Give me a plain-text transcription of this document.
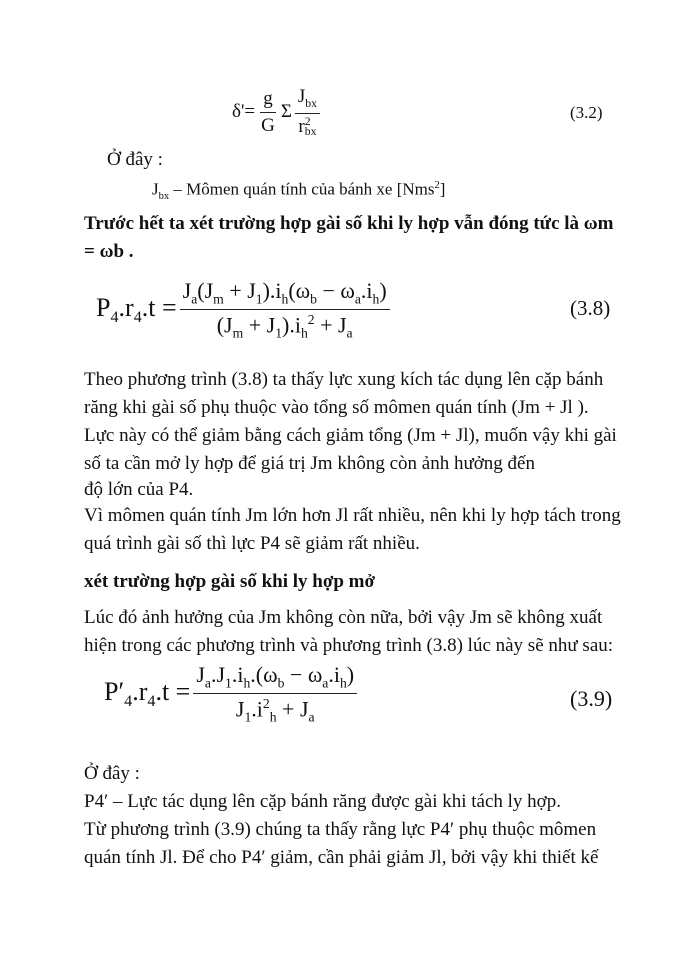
$\delta'= \frac{g}{G}$ Σ $J_{bx}$
r 2
bx	(3.2)
Ở đây :
$J_{bx}$ – Mômen quán tính của bánh xe [Nms$^2$]
Trước hết ta xét trường hợp gài số khi ly hợp vẫn đóng tức là ωm
= ωb .
$P_4.r_4.t = \frac{J_a(J_m + J_1).i_h(\omega_b - \omega_a.i_h)}{(J_m + J_1).i_h^2 + J_a}$	(3.8)
Theo phương trình (3.8) ta thấy lực xung kích tác dụng lên cặp bánh
răng khi gài số phụ thuộc vào tổng số mômen quán tính (Jm + Jl ).
Lực này có thể giảm bằng cách giảm tổng (Jm + Jl), muốn vậy khi gài
số ta cần mở ly hợp để giá trị Jm không còn ảnh hưởng đến
độ lớn của P4.
Vì mômen quán tính Jm lớn hơn Jl rất nhiều, nên khi ly hợp tách trong
quá trình gài số thì lực P4 sẽ giảm rất nhiều.
xét trường hợp gài số khi ly hợp mở
Lúc đó ảnh hưởng của Jm không còn nữa, bởi vậy Jm sẽ không xuất
hiện trong các phương trình và phương trình (3.8) lúc này sẽ như sau:
$P'_4.r_4.t = \frac{J_a.J_1.i_h.(\omega_b - \omega_a.i_h)}{J_1.i^2_h + J_a}$	(3.9)
Ở đây :
P4′ – Lực tác dụng lên cặp bánh răng được gài khi tách ly hợp.
Từ phương trình (3.9) chúng ta thấy rằng lực P4′ phụ thuộc mômen
quán tính Jl. Để cho P4′ giảm, cần phải giảm Jl, bởi vậy khi thiết kế
